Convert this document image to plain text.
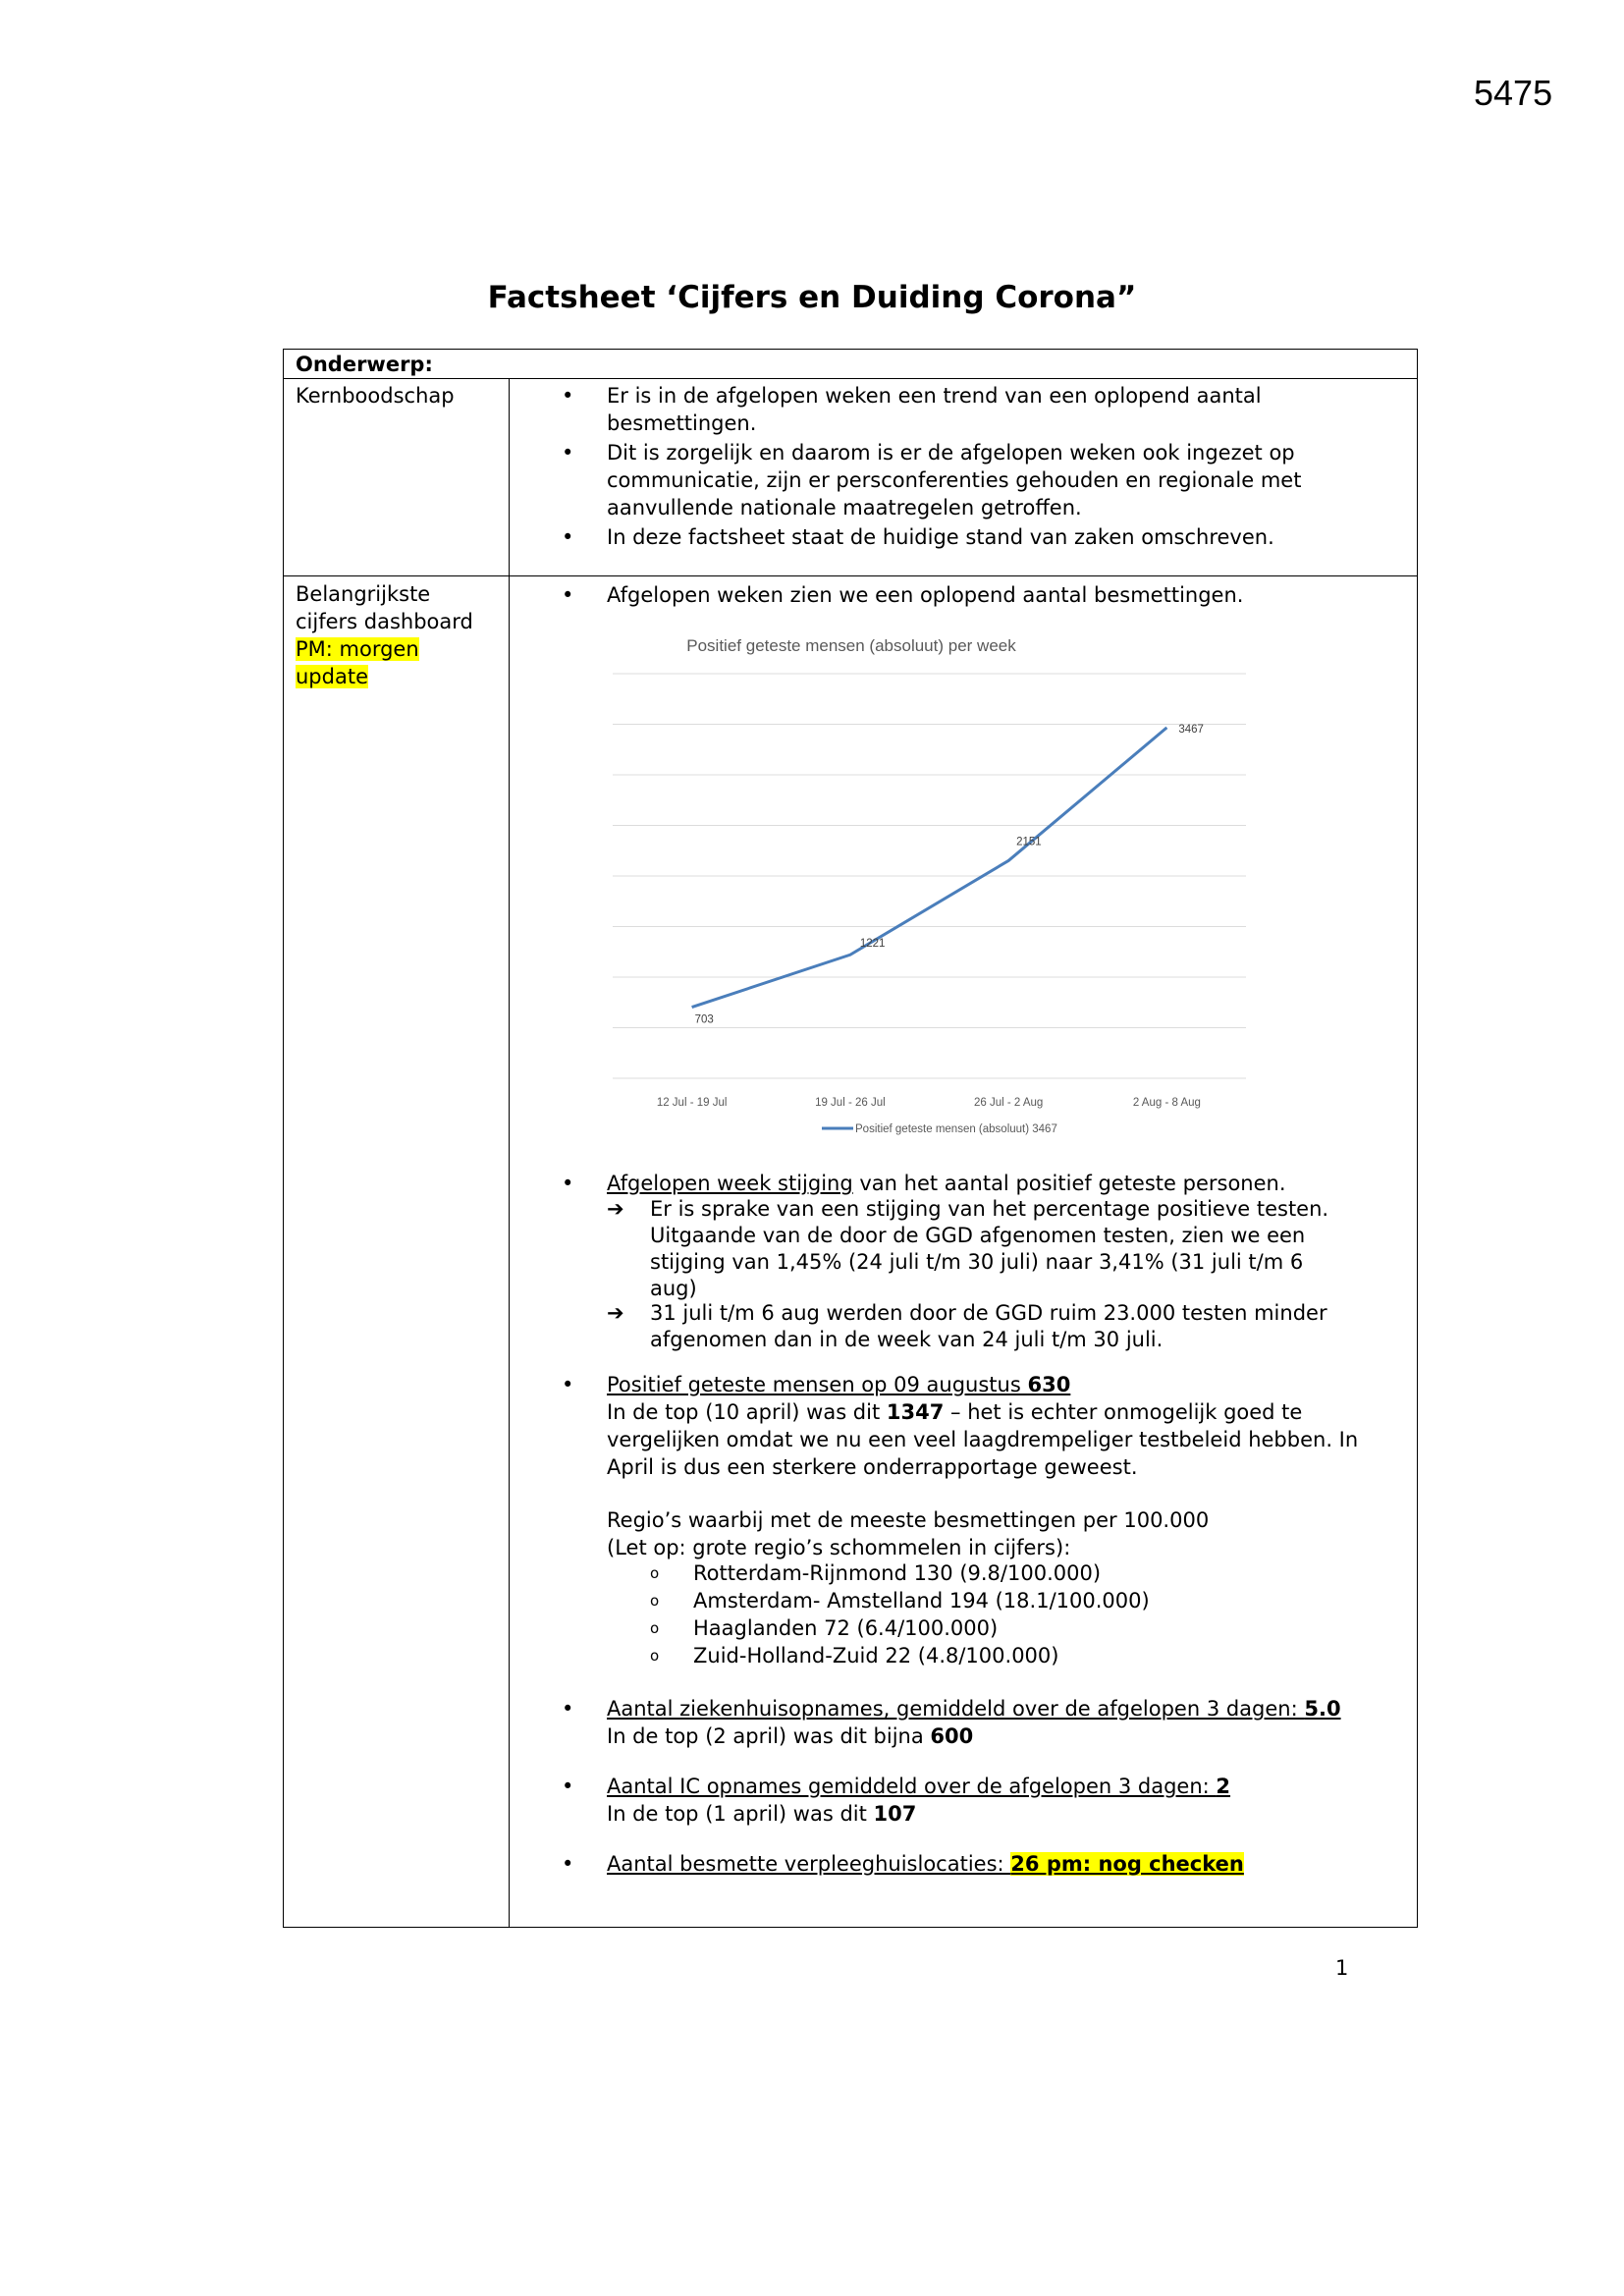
5475
Factsheet ‘Cijfers en Duiding Corona”
Onderwerp:
Kernboodschap	•	Er is in de afgelopen weken een trend van een oplopend aantal
besmettingen.
•	Dit is zorgelijk en daarom is er de afgelopen weken ook ingezet op
communicatie, zijn er persconferenties gehouden en regionale met
aanvullende nationale maatregelen getroffen.
•	In deze factsheet staat de huidige stand van zaken omschreven.
Belangrijkste
cijfers dashboard
PM: morgen
update
•	Afgelopen weken zien we een oplopend aantal besmettingen.
Positief geteste mensen (absoluut) per week
12 Jul - 19 Jul	19 Jul - 26 Jul	26 Jul - 2 Aug	2 Aug - 8 Aug
703
1221
2151
3467
Positief geteste mensen (absoluut) 3467
•	Afgelopen week stijging van het aantal positief geteste personen.
➔ Er is sprake van een stijging van het percentage positieve testen.
Uitgaande van de door de GGD afgenomen testen, zien we een
stijging van 1,45% (24 juli t/m 30 juli) naar 3,41% (31 juli t/m 6
aug)
➔ 31 juli t/m 6 aug werden door de GGD ruim 23.000 testen minder
afgenomen dan in de week van 24 juli t/m 30 juli.
•	Positief geteste mensen op 09 augustus 630
In de top (10 april) was dit 1347 – het is echter onmogelijk goed te
vergelijken omdat we nu een veel laagdrempeliger testbeleid hebben. In
April is dus een sterkere onderrapportage geweest.
Regio’s waarbij met de meeste besmettingen per 100.000
(Let op: grote regio’s schommelen in cijfers):
o Rotterdam-Rijnmond 130 (9.8/100.000)
o Amsterdam- Amstelland 194 (18.1/100.000)
o Haaglanden 72 (6.4/100.000)
o Zuid-Holland-Zuid 22 (4.8/100.000)
•	Aantal ziekenhuisopnames, gemiddeld over de afgelopen 3 dagen: 5.0
In de top (2 april) was dit bijna 600
•	Aantal IC opnames gemiddeld over de afgelopen 3 dagen: 2
In de top (1 april) was dit 107
•	Aantal besmette verpleeghuislocaties: 26 pm: nog checken
1
